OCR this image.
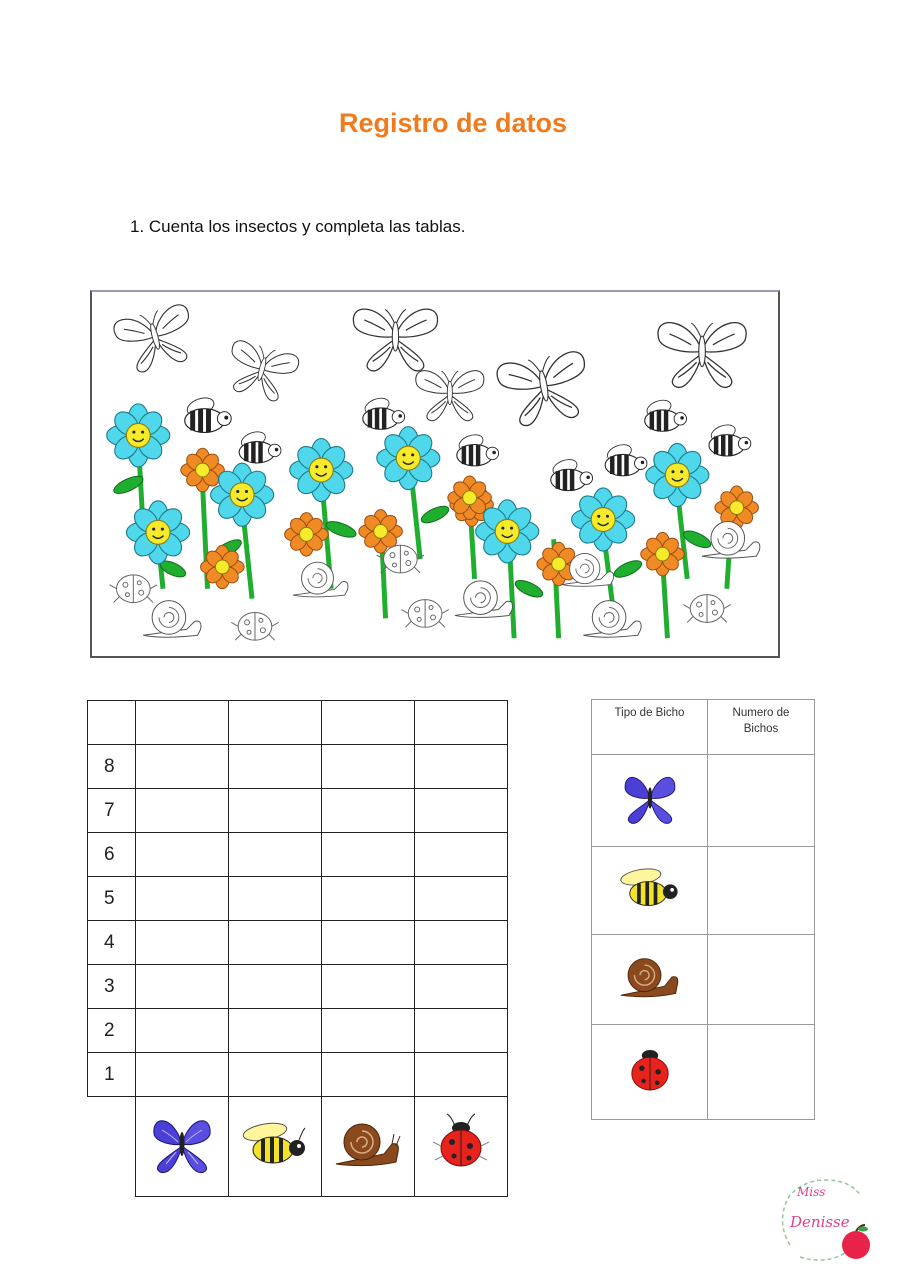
Registro de datos
1. Cuenta los insectos y completa las tablas.

8				
7				
6				
5				
4				
3				
2				
1				

Tipo de Bicho	Numero de
Bichos

Miss
Denisse
